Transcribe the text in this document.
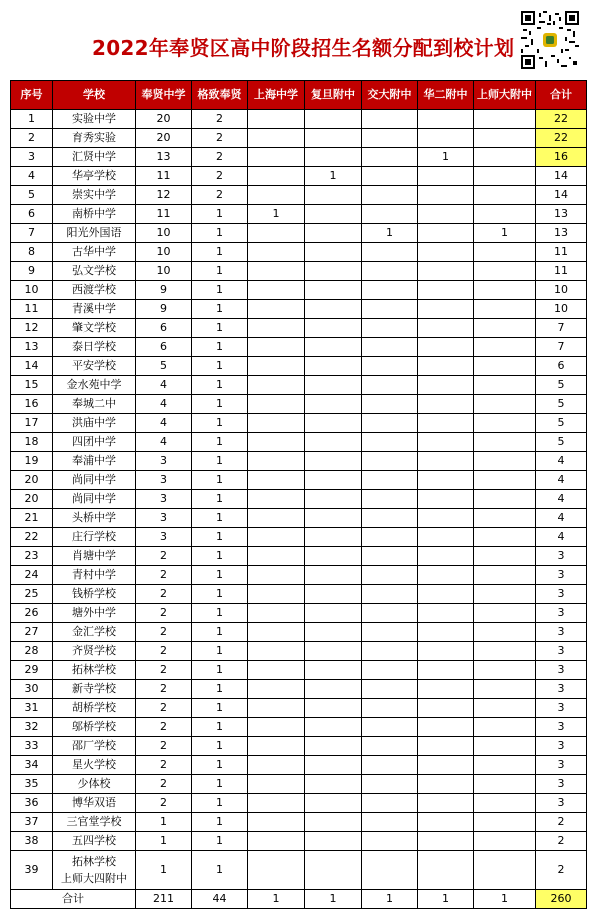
2022年奉贤区高中阶段招生名额分配到校计划
序号	学校	奉贤中学	格致奉贤	上海中学	复旦附中	交大附中	华二附中	上师大附中	合计
1	实验中学	20	2						22
2	育秀实验	20	2						22
3	汇贤中学	13	2				1		16
4	华亭学校	11	2		1				14
5	崇实中学	12	2						14
6	南桥中学	11	1	1					13
7	阳光外国语	10	1			1		1	13
8	古华中学	10	1						11
9	弘文学校	10	1						11
10	西渡学校	9	1						10
11	青溪中学	9	1						10
12	肇文学校	6	1						7
13	泰日学校	6	1						7
14	平安学校	5	1						6
15	金水苑中学	4	1						5
16	奉城二中	4	1						5
17	洪庙中学	4	1						5
18	四团中学	4	1						5
19	奉浦中学	3	1						4
20	尚同中学	3	1						4
20	尚同中学	3	1						4
21	头桥中学	3	1						4
22	庄行学校	3	1						4
23	肖塘中学	2	1						3
24	青村中学	2	1						3
25	钱桥学校	2	1						3
26	塘外中学	2	1						3
27	金汇学校	2	1						3
28	齐贤学校	2	1						3
29	拓林学校	2	1						3
30	新寺学校	2	1						3
31	胡桥学校	2	1						3
32	邬桥学校	2	1						3
33	邵厂学校	2	1						3
34	星火学校	2	1						3
35	少体校	2	1						3
36	博华双语	2	1						3
37	三官堂学校	1	1						2
38	五四学校	1	1						2
39	拓林学校
上师大四附中	1	1						2
合计		211	44	1	1	1	1	1	260
